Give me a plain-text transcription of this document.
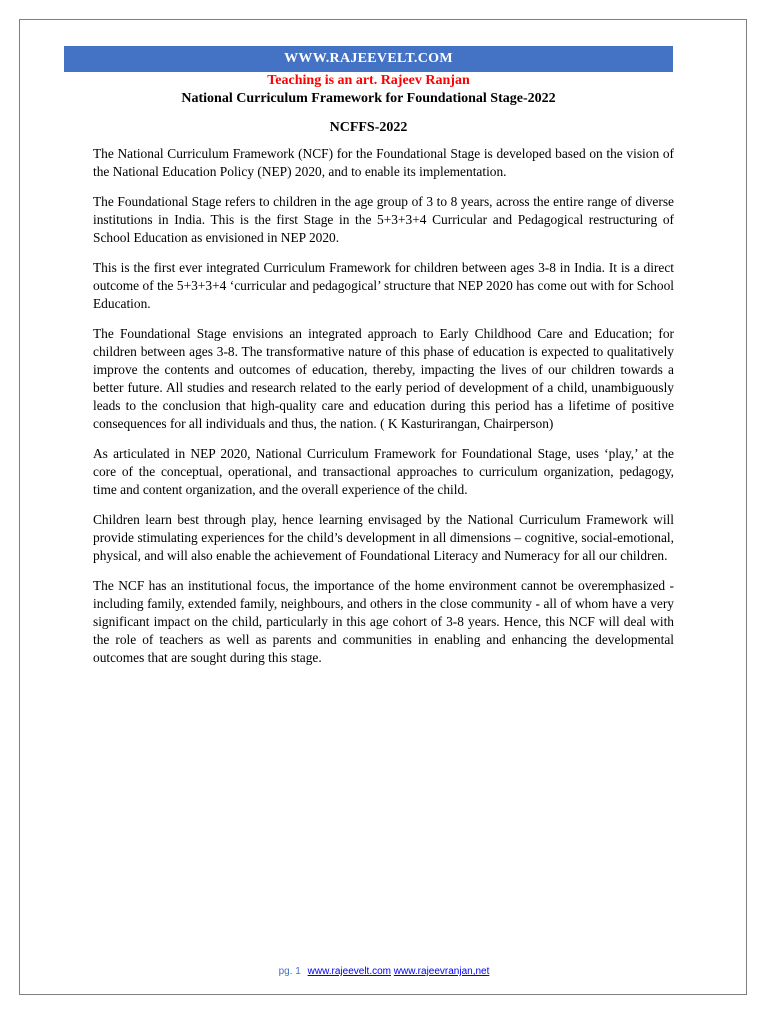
WWW.RAJEEVELT.COM
Teaching is an art. Rajeev Ranjan
National Curriculum Framework for Foundational Stage-2022
NCFFS-2022

The National Curriculum Framework (NCF) for the Foundational Stage is developed based on the vision of the National Education Policy (NEP) 2020, and to enable its implementation.

The Foundational Stage refers to children in the age group of 3 to 8 years, across the entire range of diverse institutions in India. This is the first Stage in the 5+3+3+4 Curricular and Pedagogical restructuring of School Education as envisioned in NEP 2020.

This is the first ever integrated Curriculum Framework for children between ages 3-8 in India. It is a direct outcome of the 5+3+3+4 ‘curricular and pedagogical’ structure that NEP 2020 has come out with for School Education.

The Foundational Stage envisions an integrated approach to Early Childhood Care and Education; for children between ages 3-8. The transformative nature of this phase of education is expected to qualitatively improve the contents and outcomes of education, thereby, impacting the lives of our children towards a better future. All studies and research related to the early period of development of a child, unambiguously leads to the conclusion that high-quality care and education during this period has a lifetime of positive consequences for all individuals and thus, the nation. ( K Kasturirangan, Chairperson)

As articulated in NEP 2020, National Curriculum Framework for Foundational Stage, uses ‘play,’ at the core of the conceptual, operational, and transactional approaches to curriculum organization, pedagogy, time and content organization, and the overall experience of the child.

Children learn best through play, hence learning envisaged by the National Curriculum Framework will provide stimulating experiences for the child’s development in all dimensions – cognitive, social-emotional, physical, and will also enable the achievement of Foundational Literacy and Numeracy for all our children.

The NCF has an institutional focus, the importance of the home environment cannot be overemphasized - including family, extended family, neighbours, and others in the close community - all of whom have a very significant impact on the child, particularly in this age cohort of 3-8 years. Hence, this NCF will deal with the role of teachers as well as parents and communities in enabling and enhancing the developmental outcomes that are sought during this stage.

pg. 1 www.rajeevelt.com www.rajeevranjan,net
